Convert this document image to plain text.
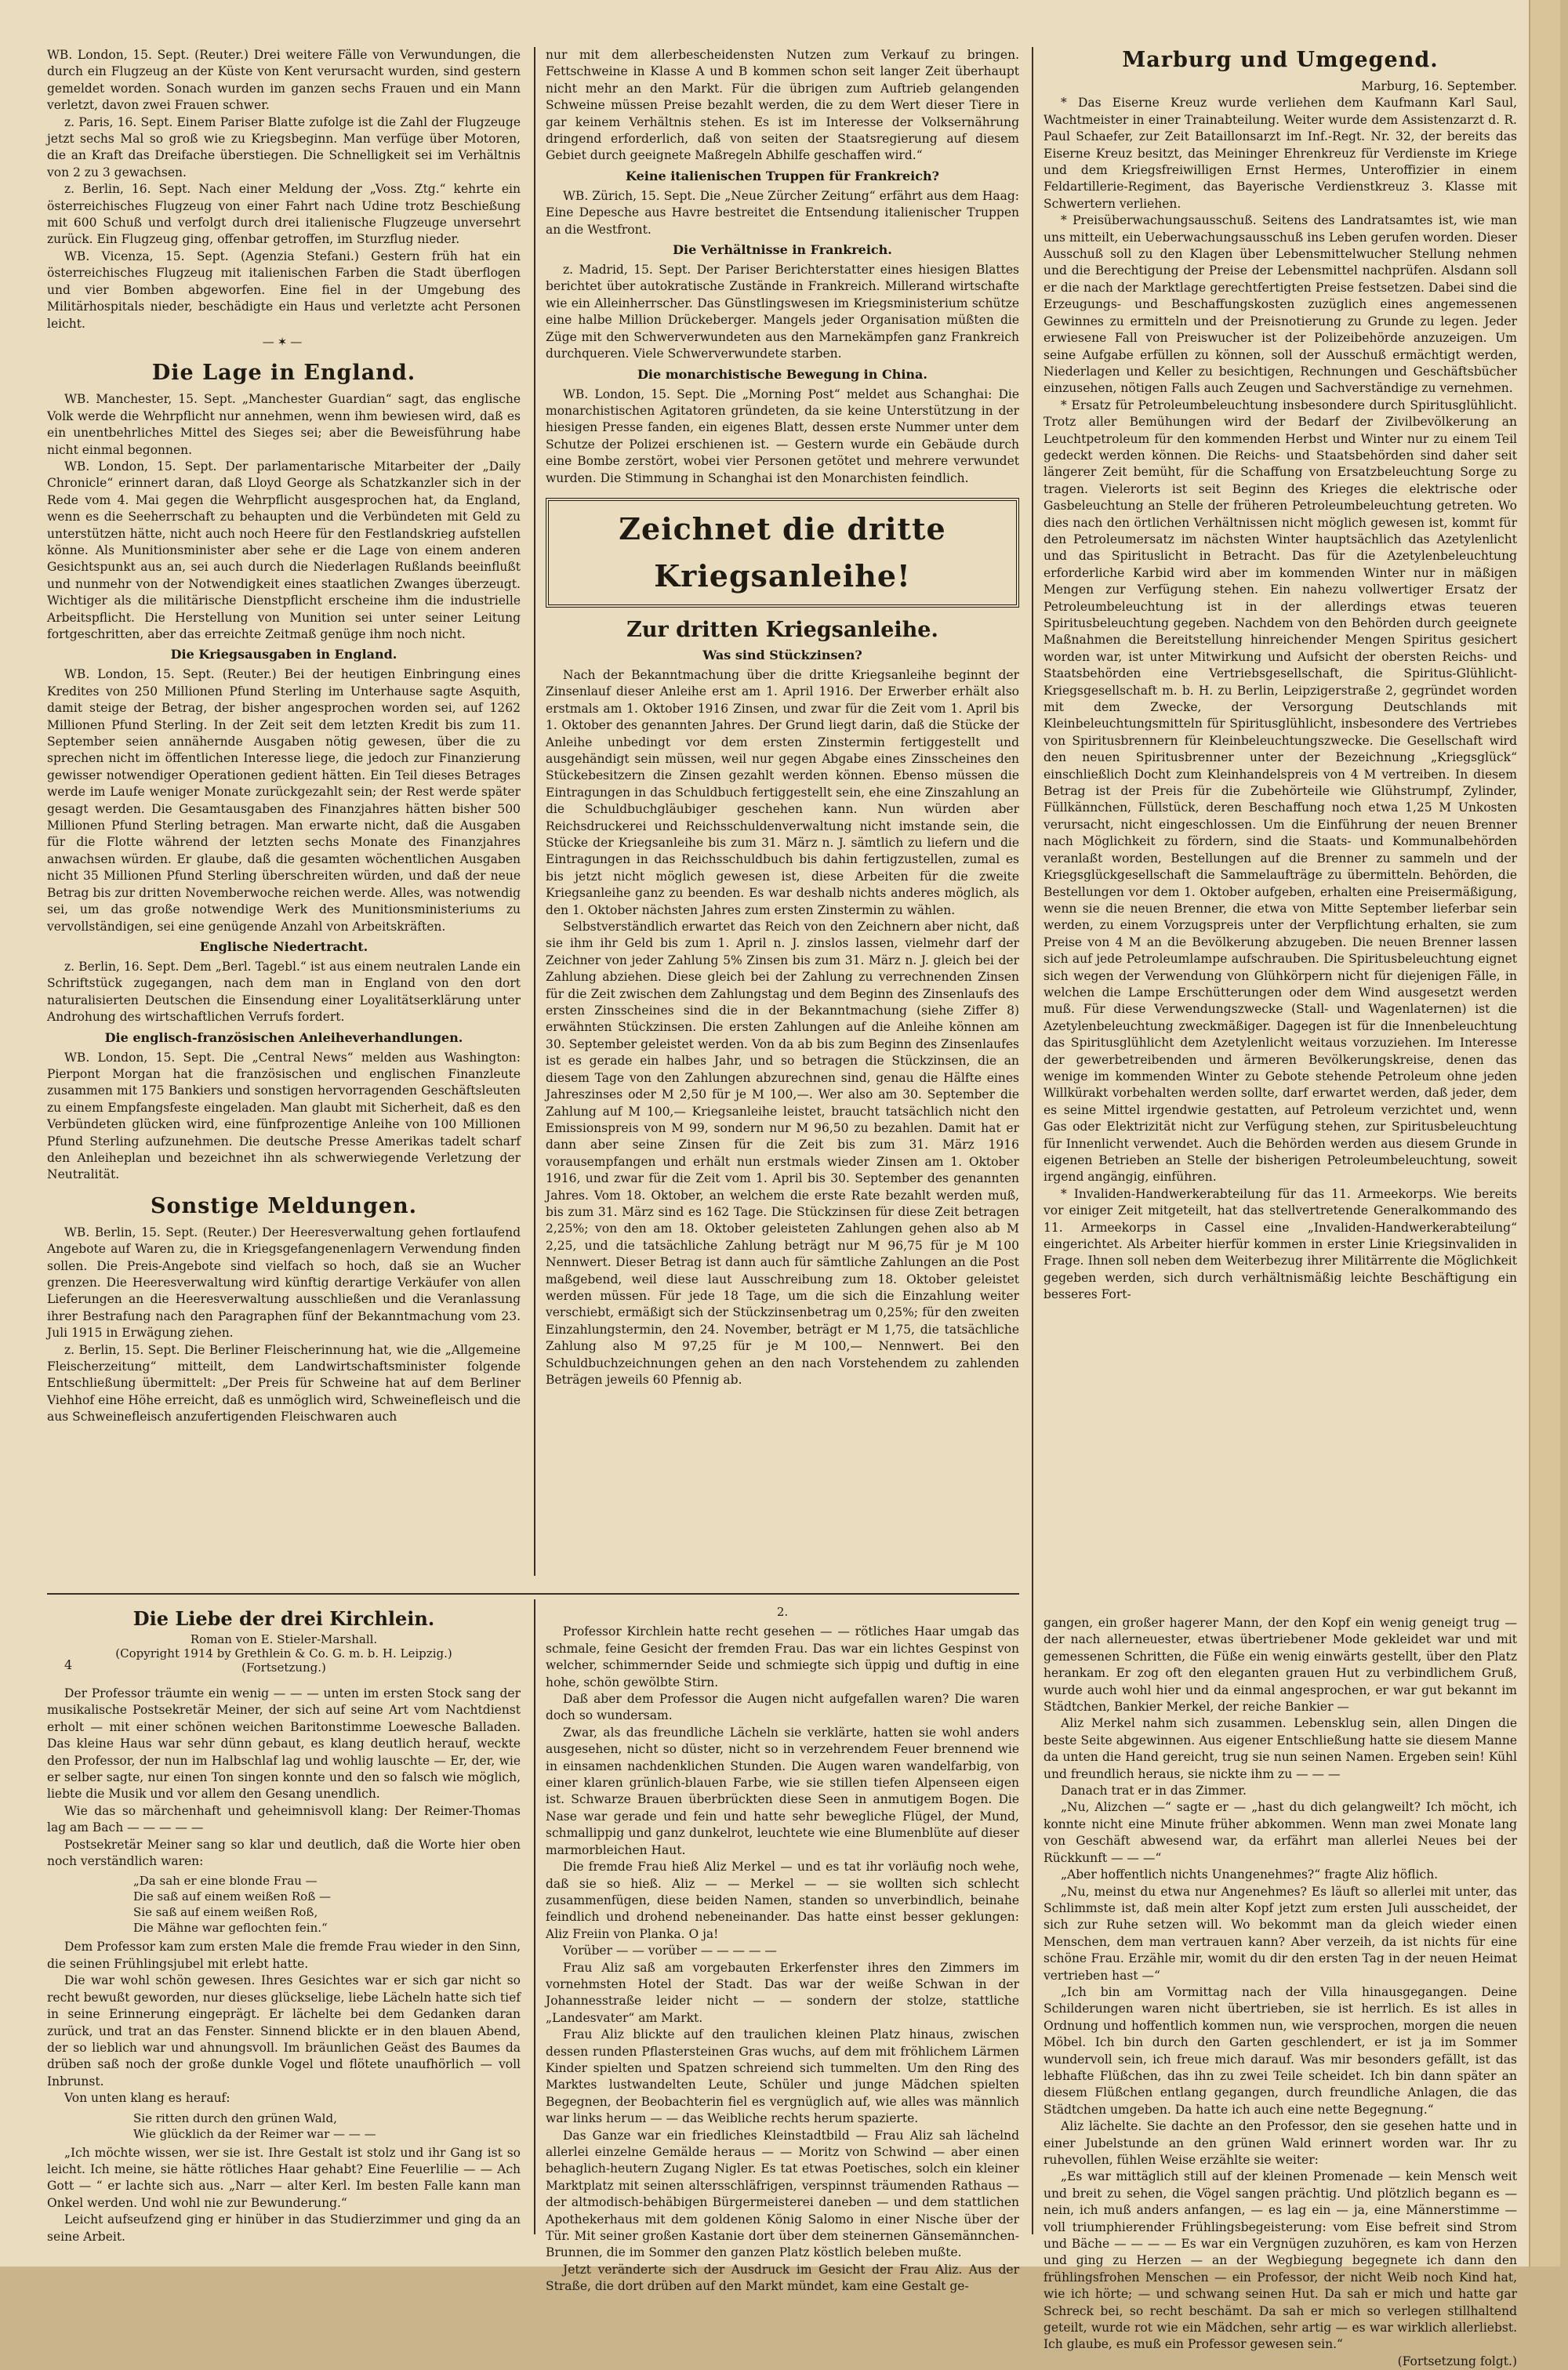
WB. London, 15. Sept. (Reuter.) Drei weitere Fälle von Verwundungen, die durch ein Flugzeug an der Küste von Kent verursacht wurden, sind gestern gemeldet worden. Sonach wurden im ganzen sechs Frauen und ein Mann verletzt, davon zwei Frauen schwer.

z. Paris, 16. Sept. Einem Pariser Blatte zufolge ist die Zahl der Flugzeuge jetzt sechs Mal so groß wie zu Kriegsbeginn. Man verfüge über Motoren, die an Kraft das Dreifache überstiegen. Die Schnelligkeit sei im Verhältnis von 2 zu 3 gewachsen.

z. Berlin, 16. Sept. Nach einer Meldung der „Voss. Ztg.“ kehrte ein österreichisches Flugzeug von einer Fahrt nach Udine trotz Beschießung mit 600 Schuß und verfolgt durch drei italienische Flugzeuge unversehrt zurück. Ein Flugzeug ging, offenbar getroffen, im Sturzflug nieder.

WB. Vicenza, 15. Sept. (Agenzia Stefani.) Gestern früh hat ein österreichisches Flugzeug mit italienischen Farben die Stadt überflogen und vier Bomben abgeworfen. Eine fiel in der Umgebung des Militärhospitals nieder, beschädigte ein Haus und verletzte acht Personen leicht.

—✶—
Die Lage in England.

WB. Manchester, 15. Sept. „Manchester Guardian“ sagt, das englische Volk werde die Wehrpflicht nur annehmen, wenn ihm bewiesen wird, daß es ein unentbehrliches Mittel des Sieges sei; aber die Beweisführung habe nicht einmal begonnen.

WB. London, 15. Sept. Der parlamentarische Mitarbeiter der „Daily Chronicle“ erinnert daran, daß Lloyd George als Schatzkanzler sich in der Rede vom 4. Mai gegen die Wehrpflicht ausgesprochen hat, da England, wenn es die Seeherrschaft zu behaupten und die Verbündeten mit Geld zu unterstützen hätte, nicht auch noch Heere für den Festlandskrieg aufstellen könne. Als Munitionsminister aber sehe er die Lage von einem anderen Gesichtspunkt aus an, sei auch durch die Niederlagen Rußlands beeinflußt und nunmehr von der Notwendigkeit eines staatlichen Zwanges überzeugt. Wichtiger als die militärische Dienstpflicht erscheine ihm die industrielle Arbeitspflicht. Die Herstellung von Munition sei unter seiner Leitung fortgeschritten, aber das erreichte Zeitmaß genüge ihm noch nicht.

Die Kriegsausgaben in England.

WB. London, 15. Sept. (Reuter.) Bei der heutigen Einbringung eines Kredites von 250 Millionen Pfund Sterling im Unterhause sagte Asquith, damit steige der Betrag, der bisher angesprochen worden sei, auf 1262 Millionen Pfund Sterling. In der Zeit seit dem letzten Kredit bis zum 11. September seien annähernde Ausgaben nötig gewesen, über die zu sprechen nicht im öffentlichen Interesse liege, die jedoch zur Finanzierung gewisser notwendiger Operationen gedient hätten. Ein Teil dieses Betrages werde im Laufe weniger Monate zurückgezahlt sein; der Rest werde später gesagt werden. Die Gesamtausgaben des Finanzjahres hätten bisher 500 Millionen Pfund Sterling betragen. Man erwarte nicht, daß die Ausgaben für die Flotte während der letzten sechs Monate des Finanzjahres anwachsen würden. Er glaube, daß die gesamten wöchentlichen Ausgaben nicht 35 Millionen Pfund Sterling überschreiten würden, und daß der neue Betrag bis zur dritten Novemberwoche reichen werde. Alles, was notwendig sei, um das große notwendige Werk des Munitionsministeriums zu vervollständigen, sei eine genügende Anzahl von Arbeitskräften.

Englische Niedertracht.

z. Berlin, 16. Sept. Dem „Berl. Tagebl.“ ist aus einem neutralen Lande ein Schriftstück zugegangen, nach dem man in England von den dort naturalisierten Deutschen die Einsendung einer Loyalitätserklärung unter Androhung des wirtschaftlichen Verrufs fordert.

Die englisch-französischen Anleiheverhandlungen.

WB. London, 15. Sept. Die „Central News“ melden aus Washington: Pierpont Morgan hat die französischen und englischen Finanzleute zusammen mit 175 Bankiers und sonstigen hervorragenden Geschäftsleuten zu einem Empfangsfeste eingeladen. Man glaubt mit Sicherheit, daß es den Verbündeten glücken wird, eine fünfprozentige Anleihe von 100 Millionen Pfund Sterling aufzunehmen. Die deutsche Presse Amerikas tadelt scharf den Anleiheplan und bezeichnet ihn als schwerwiegende Verletzung der Neutralität.

Sonstige Meldungen.

WB. Berlin, 15. Sept. (Reuter.) Der Heeresverwaltung gehen fortlaufend Angebote auf Waren zu, die in Kriegsgefangenenlagern Verwendung finden sollen. Die Preis-Angebote sind vielfach so hoch, daß sie an Wucher grenzen. Die Heeresverwaltung wird künftig derartige Verkäufer von allen Lieferungen an die Heeresverwaltung ausschließen und die Veranlassung ihrer Bestrafung nach den Paragraphen fünf der Bekanntmachung vom 23. Juli 1915 in Erwägung ziehen.

z. Berlin, 15. Sept. Die Berliner Fleischerinnung hat, wie die „Allgemeine Fleischerzeitung“ mitteilt, dem Landwirtschaftsminister folgende Entschließung übermittelt: „Der Preis für Schweine hat auf dem Berliner Viehhof eine Höhe erreicht, daß es unmöglich wird, Schweinefleisch und die aus Schweinefleisch anzufertigenden Fleischwaren auch

nur mit dem allerbescheidensten Nutzen zum Verkauf zu bringen. Fettschweine in Klasse A und B kommen schon seit langer Zeit überhaupt nicht mehr an den Markt. Für die übrigen zum Auftrieb gelangenden Schweine müssen Preise bezahlt werden, die zu dem Wert dieser Tiere in gar keinem Verhältnis stehen. Es ist im Interesse der Volksernährung dringend erforderlich, daß von seiten der Staatsregierung auf diesem Gebiet durch geeignete Maßregeln Abhilfe geschaffen wird.“

Keine italienischen Truppen für Frankreich?

WB. Zürich, 15. Sept. Die „Neue Zürcher Zeitung“ erfährt aus dem Haag: Eine Depesche aus Havre bestreitet die Entsendung italienischer Truppen an die Westfront.

Die Verhältnisse in Frankreich.

z. Madrid, 15. Sept. Der Pariser Berichterstatter eines hiesigen Blattes berichtet über autokratische Zustände in Frankreich. Millerand wirtschafte wie ein Alleinherrscher. Das Günstlingswesen im Kriegsministerium schütze eine halbe Million Drückeberger. Mangels jeder Organisation müßten die Züge mit den Schwerverwundeten aus den Marnekämpfen ganz Frankreich durchqueren. Viele Schwerverwundete starben.

Die monarchistische Bewegung in China.

WB. London, 15. Sept. Die „Morning Post“ meldet aus Schanghai: Die monarchistischen Agitatoren gründeten, da sie keine Unterstützung in der hiesigen Presse fanden, ein eigenes Blatt, dessen erste Nummer unter dem Schutze der Polizei erschienen ist. — Gestern wurde ein Gebäude durch eine Bombe zerstört, wobei vier Personen getötet und mehrere verwundet wurden. Die Stimmung in Schanghai ist den Monarchisten feindlich.

Zeichnet die dritte Kriegsanleihe!
Zur dritten Kriegsanleihe.
Was sind Stückzinsen?

Nach der Bekanntmachung über die dritte Kriegsanleihe beginnt der Zinsenlauf dieser Anleihe erst am 1. April 1916. Der Erwerber erhält also erstmals am 1. Oktober 1916 Zinsen, und zwar für die Zeit vom 1. April bis 1. Oktober des genannten Jahres. Der Grund liegt darin, daß die Stücke der Anleihe unbedingt vor dem ersten Zinstermin fertiggestellt und ausgehändigt sein müssen, weil nur gegen Abgabe eines Zinsscheines den Stückebesitzern die Zinsen gezahlt werden können. Ebenso müssen die Eintragungen in das Schuldbuch fertiggestellt sein, ehe eine Zinszahlung an die Schuldbuchgläubiger geschehen kann. Nun würden aber Reichsdruckerei und Reichsschuldenverwaltung nicht imstande sein, die Stücke der Kriegsanleihe bis zum 31. März n. J. sämtlich zu liefern und die Eintragungen in das Reichsschuldbuch bis dahin fertigzustellen, zumal es bis jetzt nicht möglich gewesen ist, diese Arbeiten für die zweite Kriegsanleihe ganz zu beenden. Es war deshalb nichts anderes möglich, als den 1. Oktober nächsten Jahres zum ersten Zinstermin zu wählen.

Selbstverständlich erwartet das Reich von den Zeichnern aber nicht, daß sie ihm ihr Geld bis zum 1. April n. J. zinslos lassen, vielmehr darf der Zeichner von jeder Zahlung 5% Zinsen bis zum 31. März n. J. gleich bei der Zahlung abziehen. Diese gleich bei der Zahlung zu verrechnenden Zinsen für die Zeit zwischen dem Zahlungstag und dem Beginn des Zinsenlaufs des ersten Zinsscheines sind die in der Bekanntmachung (siehe Ziffer 8) erwähnten Stückzinsen. Die ersten Zahlungen auf die Anleihe können am 30. September geleistet werden. Von da ab bis zum Beginn des Zinsenlaufes ist es gerade ein halbes Jahr, und so betragen die Stückzinsen, die an diesem Tage von den Zahlungen abzurechnen sind, genau die Hälfte eines Jahreszinses oder M 2,50 für je M 100,—. Wer also am 30. September die Zahlung auf M 100,— Kriegsanleihe leistet, braucht tatsächlich nicht den Emissionspreis von M 99, sondern nur M 96,50 zu bezahlen. Damit hat er dann aber seine Zinsen für die Zeit bis zum 31. März 1916 vorausempfangen und erhält nun erstmals wieder Zinsen am 1. Oktober 1916, und zwar für die Zeit vom 1. April bis 30. September des genannten Jahres. Vom 18. Oktober, an welchem die erste Rate bezahlt werden muß, bis zum 31. März sind es 162 Tage. Die Stückzinsen für diese Zeit betragen 2,25%; von den am 18. Oktober geleisteten Zahlungen gehen also ab M 2,25, und die tatsächliche Zahlung beträgt nur M 96,75 für je M 100 Nennwert. Dieser Betrag ist dann auch für sämtliche Zahlungen an die Post maßgebend, weil diese laut Ausschreibung zum 18. Oktober geleistet werden müssen. Für jede 18 Tage, um die sich die Einzahlung weiter verschiebt, ermäßigt sich der Stückzinsenbetrag um 0,25%; für den zweiten Einzahlungstermin, den 24. November, beträgt er M 1,75, die tatsächliche Zahlung also M 97,25 für je M 100,— Nennwert. Bei den Schuldbuchzeichnungen gehen an den nach Vorstehendem zu zahlenden Beträgen jeweils 60 Pfennig ab.

Marburg und Umgegend.
Marburg, 16. September.

* Das Eiserne Kreuz wurde verliehen dem Kaufmann Karl Saul, Wachtmeister in einer Trainabteilung. Weiter wurde dem Assistenzarzt d. R. Paul Schaefer, zur Zeit Bataillonsarzt im Inf.-Regt. Nr. 32, der bereits das Eiserne Kreuz besitzt, das Meininger Ehrenkreuz für Verdienste im Kriege und dem Kriegsfreiwilligen Ernst Hermes, Unteroffizier in einem Feldartillerie-Regiment, das Bayerische Verdienstkreuz 3. Klasse mit Schwertern verliehen.

* Preisüberwachungsausschuß. Seitens des Landratsamtes ist, wie man uns mitteilt, ein Ueberwachungsausschuß ins Leben gerufen worden. Dieser Ausschuß soll zu den Klagen über Lebensmittelwucher Stellung nehmen und die Berechtigung der Preise der Lebensmittel nachprüfen. Alsdann soll er die nach der Marktlage gerechtfertigten Preise festsetzen. Dabei sind die Erzeugungs- und Beschaffungskosten zuzüglich eines angemessenen Gewinnes zu ermitteln und der Preisnotierung zu Grunde zu legen. Jeder erwiesene Fall von Preiswucher ist der Polizeibehörde anzuzeigen. Um seine Aufgabe erfüllen zu können, soll der Ausschuß ermächtigt werden, Niederlagen und Keller zu besichtigen, Rechnungen und Geschäftsbücher einzusehen, nötigen Falls auch Zeugen und Sachverständige zu vernehmen.

* Ersatz für Petroleumbeleuchtung insbesondere durch Spiritusglühlicht. Trotz aller Bemühungen wird der Bedarf der Zivilbevölkerung an Leuchtpetroleum für den kommenden Herbst und Winter nur zu einem Teil gedeckt werden können. Die Reichs- und Staatsbehörden sind daher seit längerer Zeit bemüht, für die Schaffung von Ersatzbeleuchtung Sorge zu tragen. Vielerorts ist seit Beginn des Krieges die elektrische oder Gasbeleuchtung an Stelle der früheren Petroleumbeleuchtung getreten. Wo dies nach den örtlichen Verhältnissen nicht möglich gewesen ist, kommt für den Petroleumersatz im nächsten Winter hauptsächlich das Azetylenlicht und das Spirituslicht in Betracht. Das für die Azetylenbeleuchtung erforderliche Karbid wird aber im kommenden Winter nur in mäßigen Mengen zur Verfügung stehen. Ein nahezu vollwertiger Ersatz der Petroleumbeleuchtung ist in der allerdings etwas teueren Spiritusbeleuchtung gegeben. Nachdem von den Behörden durch geeignete Maßnahmen die Bereitstellung hinreichender Mengen Spiritus gesichert worden war, ist unter Mitwirkung und Aufsicht der obersten Reichs- und Staatsbehörden eine Vertriebsgesellschaft, die Spiritus-Glühlicht-Kriegsgesellschaft m. b. H. zu Berlin, Leipzigerstraße 2, gegründet worden mit dem Zwecke, der Versorgung Deutschlands mit Kleinbeleuchtungsmitteln für Spiritusglühlicht, insbesondere des Vertriebes von Spiritusbrennern für Kleinbeleuchtungszwecke. Die Gesellschaft wird den neuen Spiritusbrenner unter der Bezeichnung „Kriegsglück“ einschließlich Docht zum Kleinhandelspreis von 4 M vertreiben. In diesem Betrag ist der Preis für die Zubehörteile wie Glühstrumpf, Zylinder, Füllkännchen, Füllstück, deren Beschaffung noch etwa 1,25 M Unkosten verursacht, nicht eingeschlossen. Um die Einführung der neuen Brenner nach Möglichkeit zu fördern, sind die Staats- und Kommunalbehörden veranlaßt worden, Bestellungen auf die Brenner zu sammeln und der Kriegsglückgesellschaft die Sammelaufträge zu übermitteln. Behörden, die Bestellungen vor dem 1. Oktober aufgeben, erhalten eine Preisermäßigung, wenn sie die neuen Brenner, die etwa von Mitte September lieferbar sein werden, zu einem Vorzugspreis unter der Verpflichtung erhalten, sie zum Preise von 4 M an die Bevölkerung abzugeben. Die neuen Brenner lassen sich auf jede Petroleumlampe aufschrauben. Die Spiritusbeleuchtung eignet sich wegen der Verwendung von Glühkörpern nicht für diejenigen Fälle, in welchen die Lampe Erschütterungen oder dem Wind ausgesetzt werden muß. Für diese Verwendungszwecke (Stall- und Wagenlaternen) ist die Azetylenbeleuchtung zweckmäßiger. Dagegen ist für die Innenbeleuchtung das Spiritusglühlicht dem Azetylenlicht weitaus vorzuziehen. Im Interesse der gewerbetreibenden und ärmeren Bevölkerungskreise, denen das wenige im kommenden Winter zu Gebote stehende Petroleum ohne jeden Willkürakt vorbehalten werden sollte, darf erwartet werden, daß jeder, dem es seine Mittel irgendwie gestatten, auf Petroleum verzichtet und, wenn Gas oder Elektrizität nicht zur Verfügung stehen, zur Spiritusbeleuchtung für Innenlicht verwendet. Auch die Behörden werden aus diesem Grunde in eigenen Betrieben an Stelle der bisherigen Petroleumbeleuchtung, soweit irgend angängig, einführen.

* Invaliden-Handwerkerabteilung für das 11. Armeekorps. Wie bereits vor einiger Zeit mitgeteilt, hat das stellvertretende Generalkommando des 11. Armeekorps in Cassel eine „Invaliden-Handwerkerabteilung“ eingerichtet. Als Arbeiter hierfür kommen in erster Linie Kriegsinvaliden in Frage. Ihnen soll neben dem Weiterbezug ihrer Militärrente die Möglichkeit gegeben werden, sich durch verhältnismäßig leichte Beschäftigung ein besseres Fort-

Die Liebe der drei Kirchlein.
Roman von E. Stieler-Marshall.
(Copyright 1914 by Grethlein & Co. G. m. b. H. Leipzig.)
(Fortsetzung.)
4

Der Professor träumte ein wenig — — — unten im ersten Stock sang der musikalische Postsekretär Meiner, der sich auf seine Art vom Nachtdienst erholt — mit einer schönen weichen Baritonstimme Loewesche Balladen. Das kleine Haus war sehr dünn gebaut, es klang deutlich herauf, weckte den Professor, der nun im Halbschlaf lag und wohlig lauschte — Er, der, wie er selber sagte, nur einen Ton singen konnte und den so falsch wie möglich, liebte die Musik und vor allem den Gesang unendlich.

Wie das so märchenhaft und geheimnisvoll klang: Der Reimer-Thomas lag am Bach — — — — —

Postsekretär Meiner sang so klar und deutlich, daß die Worte hier oben noch verständlich waren:

„Da sah er eine blonde Frau —
Die saß auf einem weißen Roß —
Sie saß auf einem weißen Roß,
Die Mähne war geflochten fein.“

Dem Professor kam zum ersten Male die fremde Frau wieder in den Sinn, die seinen Frühlingsjubel mit erlebt hatte.

Die war wohl schön gewesen. Ihres Gesichtes war er sich gar nicht so recht bewußt geworden, nur dieses glückselige, liebe Lächeln hatte sich tief in seine Erinnerung eingeprägt. Er lächelte bei dem Gedanken daran zurück, und trat an das Fenster. Sinnend blickte er in den blauen Abend, der so lieblich war und ahnungsvoll. Im bräunlichen Geäst des Baumes da drüben saß noch der große dunkle Vogel und flötete unaufhörlich — voll Inbrunst.

Von unten klang es herauf:

Sie ritten durch den grünen Wald,
Wie glücklich da der Reimer war — — —

„Ich möchte wissen, wer sie ist. Ihre Gestalt ist stolz und ihr Gang ist so leicht. Ich meine, sie hätte rötliches Haar gehabt? Eine Feuerlilie — — Ach Gott — “ er lachte sich aus. „Narr — alter Kerl. Im besten Falle kann man Onkel werden. Und wohl nie zur Bewunderung.“

Leicht aufseufzend ging er hinüber in das Studierzimmer und ging da an seine Arbeit.

2.

Professor Kirchlein hatte recht gesehen — — rötliches Haar umgab das schmale, feine Gesicht der fremden Frau. Das war ein lichtes Gespinst von welcher, schimmernder Seide und schmiegte sich üppig und duftig in eine hohe, schön gewölbte Stirn.

Daß aber dem Professor die Augen nicht aufgefallen waren? Die waren doch so wundersam.

Zwar, als das freundliche Lächeln sie verklärte, hatten sie wohl anders ausgesehen, nicht so düster, nicht so in verzehrendem Feuer brennend wie in einsamen nachdenklichen Stunden. Die Augen waren wandelfarbig, von einer klaren grünlich-blauen Farbe, wie sie stillen tiefen Alpenseen eigen ist. Schwarze Brauen überbrückten diese Seen in anmutigem Bogen. Die Nase war gerade und fein und hatte sehr bewegliche Flügel, der Mund, schmallippig und ganz dunkelrot, leuchtete wie eine Blumenblüte auf dieser marmorbleichen Haut.

Die fremde Frau hieß Aliz Merkel — und es tat ihr vorläufig noch wehe, daß sie so hieß. Aliz — — Merkel — — sie wollten sich schlecht zusammenfügen, diese beiden Namen, standen so unverbindlich, beinahe feindlich und drohend nebeneinander. Das hatte einst besser geklungen: Aliz Freiin von Planka. O ja!

Vorüber — — vorüber — — — — —

Frau Aliz saß am vorgebauten Erkerfenster ihres den Zimmers im vornehmsten Hotel der Stadt. Das war der weiße Schwan in der Johannesstraße leider nicht — — sondern der stolze, stattliche „Landesvater“ am Markt.

Frau Aliz blickte auf den traulichen kleinen Platz hinaus, zwischen dessen runden Pflastersteinen Gras wuchs, auf dem mit fröhlichem Lärmen Kinder spielten und Spatzen schreiend sich tummelten. Um den Ring des Marktes lustwandelten Leute, Schüler und junge Mädchen spielten Begegnen, der Beobachterin fiel es vergnüglich auf, wie alles was männlich war links herum — — das Weibliche rechts herum spazierte.

Das Ganze war ein friedliches Kleinstadtbild — Frau Aliz sah lächelnd allerlei einzelne Gemälde heraus — — Moritz von Schwind — aber einen behaglich-heutern Zugang Nigler. Es tat etwas Poetisches, solch ein kleiner Marktplatz mit seinen altersschläfrigen, verspinnst träumenden Rathaus — der altmodisch-behäbigen Bürgermeisterei daneben — und dem stattlichen Apothekerhaus mit dem goldenen König Salomo in einer Nische über der Tür. Mit seiner großen Kastanie dort über dem steinernen Gänsemännchen-Brunnen, die im Sommer den ganzen Platz köstlich beleben mußte.

Jetzt veränderte sich der Ausdruck im Gesicht der Frau Aliz. Aus der Straße, die dort drüben auf den Markt mündet, kam eine Gestalt ge-

gangen, ein großer hagerer Mann, der den Kopf ein wenig geneigt trug — der nach allerneuester, etwas übertriebener Mode gekleidet war und mit gemessenen Schritten, die Füße ein wenig einwärts gestellt, über den Platz herankam. Er zog oft den eleganten grauen Hut zu verbindlichem Gruß, wurde auch wohl hier und da einmal angesprochen, er war gut bekannt im Städtchen, Bankier Merkel, der reiche Bankier —

Aliz Merkel nahm sich zusammen. Lebensklug sein, allen Dingen die beste Seite abgewinnen. Aus eigener Entschließung hatte sie diesem Manne da unten die Hand gereicht, trug sie nun seinen Namen. Ergeben sein! Kühl und freundlich heraus, sie nickte ihm zu — — —

Danach trat er in das Zimmer.

„Nu, Alizchen —“ sagte er — „hast du dich gelangweilt? Ich möcht, ich konnte nicht eine Minute früher abkommen. Wenn man zwei Monate lang von Geschäft abwesend war, da erfährt man allerlei Neues bei der Rückkunft — — —“

„Aber hoffentlich nichts Unangenehmes?“ fragte Aliz höflich.

„Nu, meinst du etwa nur Angenehmes? Es läuft so allerlei mit unter, das Schlimmste ist, daß mein alter Kopf jetzt zum ersten Juli ausscheidet, der sich zur Ruhe setzen will. Wo bekommt man da gleich wieder einen Menschen, dem man vertrauen kann? Aber verzeih, da ist nichts für eine schöne Frau. Erzähle mir, womit du dir den ersten Tag in der neuen Heimat vertrieben hast —“

„Ich bin am Vormittag nach der Villa hinausgegangen. Deine Schilderungen waren nicht übertrieben, sie ist herrlich. Es ist alles in Ordnung und hoffentlich kommen nun, wie versprochen, morgen die neuen Möbel. Ich bin durch den Garten geschlendert, er ist ja im Sommer wundervoll sein, ich freue mich darauf. Was mir besonders gefällt, ist das lebhafte Flüßchen, das ihn zu zwei Teile scheidet. Ich bin dann später an diesem Flüßchen entlang gegangen, durch freundliche Anlagen, die das Städtchen umgeben. Da hatte ich auch eine nette Begegnung.“

Aliz lächelte. Sie dachte an den Professor, den sie gesehen hatte und in einer Jubelstunde an den grünen Wald erinnert worden war. Ihr zu ruhevollen, fühlen Weise erzählte sie weiter:

„Es war mittäglich still auf der kleinen Promenade — kein Mensch weit und breit zu sehen, die Vögel sangen prächtig. Und plötzlich begann es — nein, ich muß anders anfangen, — es lag ein — ja, eine Männerstimme — voll triumphierender Frühlingsbegeisterung: vom Eise befreit sind Strom und Bäche — — — — Es war ein Vergnügen zuzuhören, es kam von Herzen und ging zu Herzen — an der Wegbiegung begegnete ich dann den frühlingsfrohen Menschen — ein Professor, der nicht Weib noch Kind hat, wie ich hörte; — und schwang seinen Hut. Da sah er mich und hatte gar Schreck bei, so recht beschämt. Da sah er mich so verlegen stillhaltend geteilt, wurde rot wie ein Mädchen, sehr artig — es war wirklich allerliebst. Ich glaube, es muß ein Professor gewesen sein.“

(Fortsetzung folgt.)
